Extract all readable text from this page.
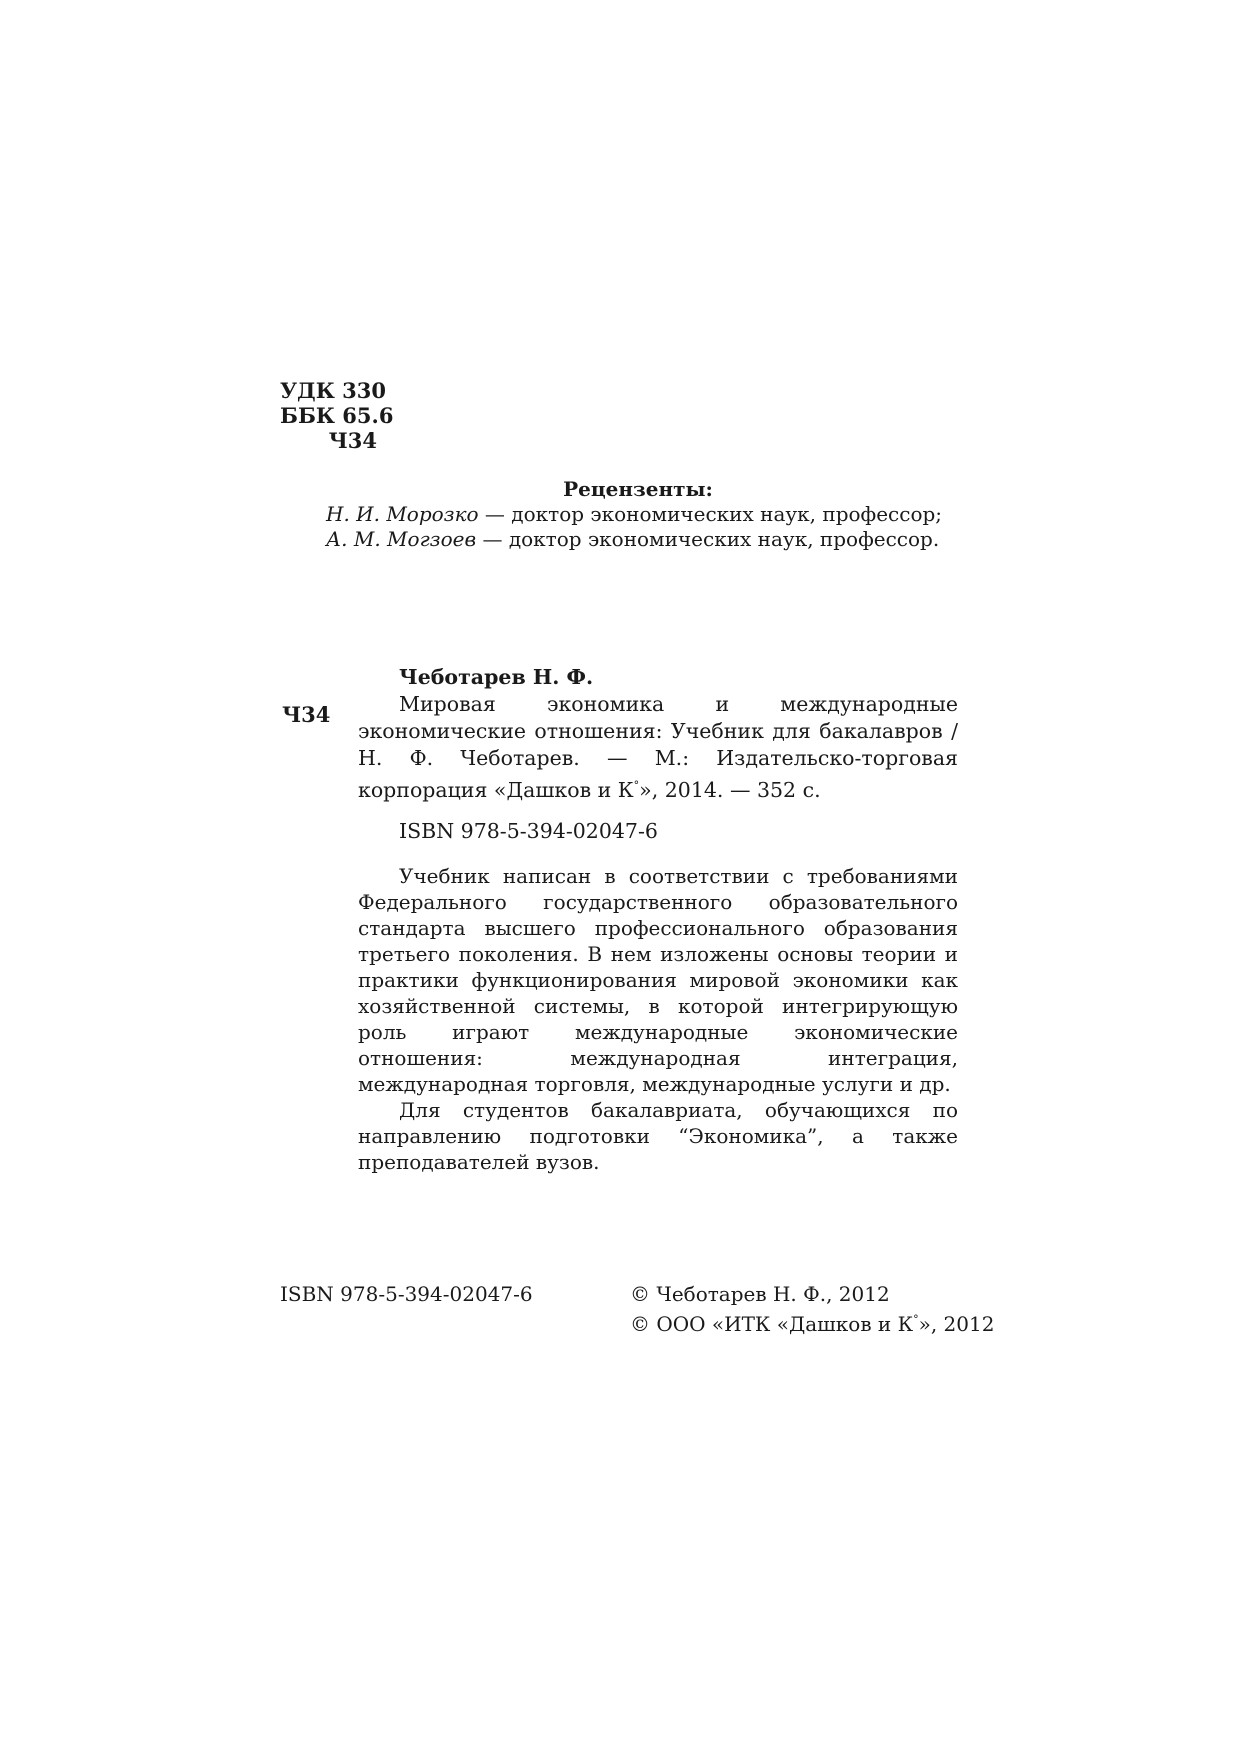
УДК 330
ББК 65.6
Ч34
Рецензенты:
Н. И. Морозко — доктор экономических наук, профессор;
А. М. Могзоев — доктор экономических наук, профессор.
Ч34
Чеботарев Н. Ф.
Мировая экономика и международные экономические отношения: Учебник для бакалавров / Н. Ф. Чеботарев. — М.: Издательско-торговая корпорация «Дашков и К°», 2014. — 352 с.
ISBN 978-5-394-02047-6
Учебник написан в соответствии с требованиями Федерального государственного образовательного стандарта высшего профессионального образования третьего поколения. В нем изложены основы теории и практики функционирования мировой экономики как хозяйственной системы, в которой интегрирующую роль играют международные экономические отношения: международная интеграция, международная торговля, международные услуги и др.
Для студентов бакалавриата, обучающихся по направлению подготовки “Экономика”, а также преподавателей вузов.
ISBN 978-5-394-02047-6	© Чеботарев Н. Ф., 2012
© ООО «ИТК «Дашков и К°», 2012
